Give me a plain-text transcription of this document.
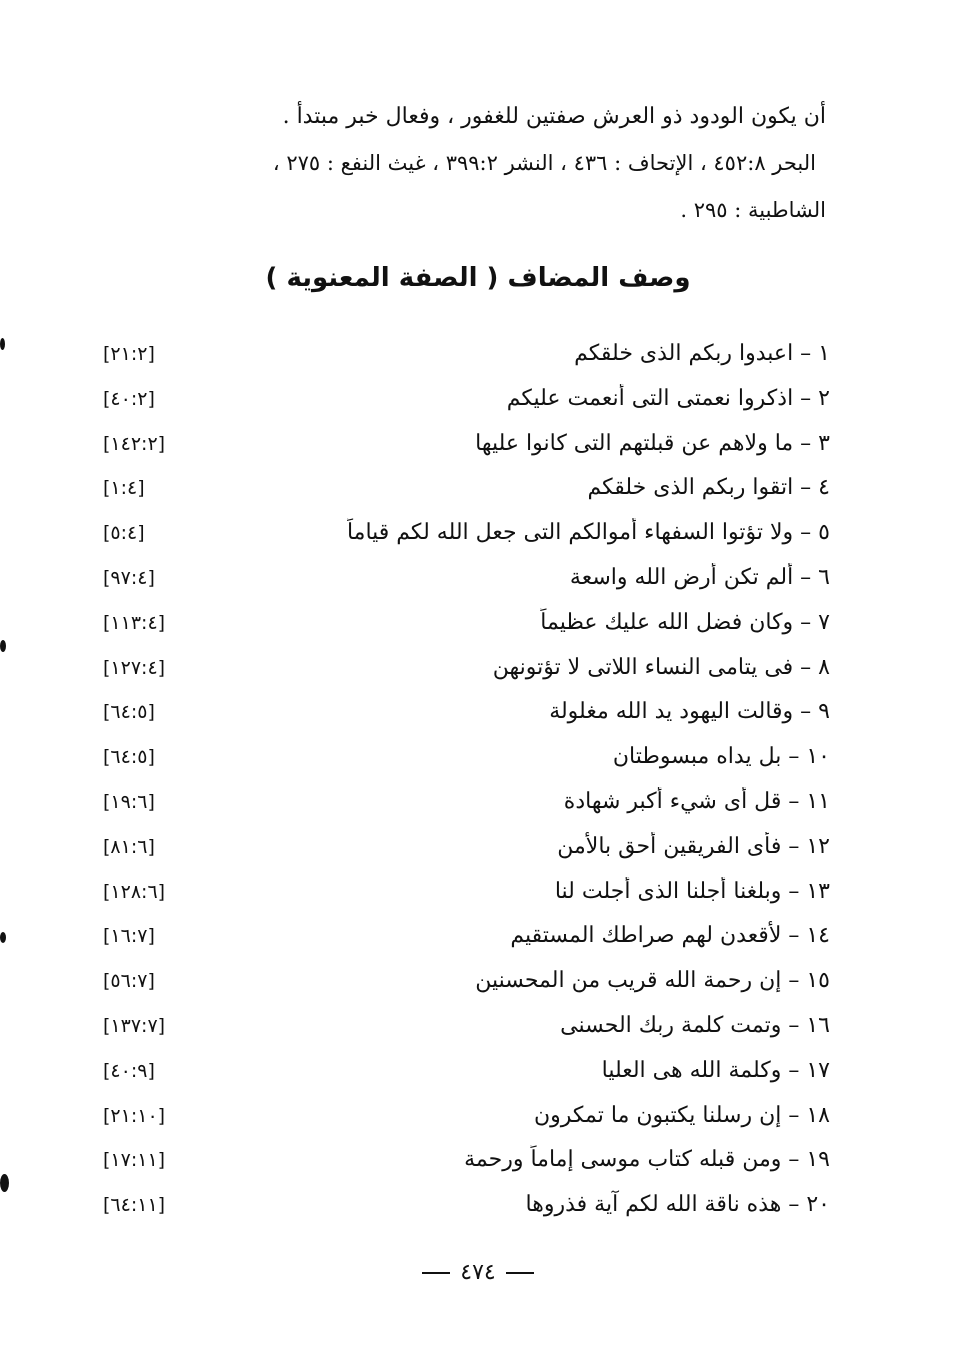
أن يكون الودود ذو العرش صفتين للغفور ، وفعال خبر مبتدأ .
البحر ٤٥٢:٨ ، الإتحاف : ٤٣٦ ، النشر ٣٩٩:٢ ، غيث النفع : ٢٧٥ ،
الشاطبية : ٢٩٥ .
وصف المضاف ( الصفة المعنوية )
١ – اعبدوا ربكم الذى خلقكم
[٢١:٢]
٢ – اذكروا نعمتى التى أنعمت عليكم
[٤٠:٢]
٣ – ما ولاهم عن قبلتهم التى كانوا عليها
[١٤٢:٢]
٤ – اتقوا ربكم الذى خلقكم
[١:٤]
٥ – ولا تؤتوا السفهاء أموالكم التى جعل الله لكم قياماً
[٥:٤]
٦ – ألم تكن أرض الله واسعة
[٩٧:٤]
٧ – وكان فضل الله عليك عظيماً
[١١٣:٤]
٨ – فى يتامى النساء اللاتى لا تؤتونهن
[١٢٧:٤]
٩ – وقالت اليهود يد الله مغلولة
[٦٤:٥]
١٠ – بل يداه مبسوطتان
[٦٤:٥]
١١ – قل أى شيء أكبر شهادة
[١٩:٦]
١٢ – فأى الفريقين أحق بالأمن
[٨١:٦]
١٣ – وبلغنا أجلنا الذى أجلت لنا
[١٢٨:٦]
١٤ – لأقعدن لهم صراطك المستقيم
[١٦:٧]
١٥ – إن رحمة الله قريب من المحسنين
[٥٦:٧]
١٦ – وتمت كلمة ربك الحسنى
[١٣٧:٧]
١٧ – وكلمة الله هى العليا
[٤٠:٩]
١٨ – إن رسلنا يكتبون ما تمكرون
[٢١:١٠]
١٩ – ومن قبله كتاب موسى إماماً ورحمة
[١٧:١١]
٢٠ – هذه ناقة الله لكم آية فذروها
[٦٤:١١]
٤٧٤
